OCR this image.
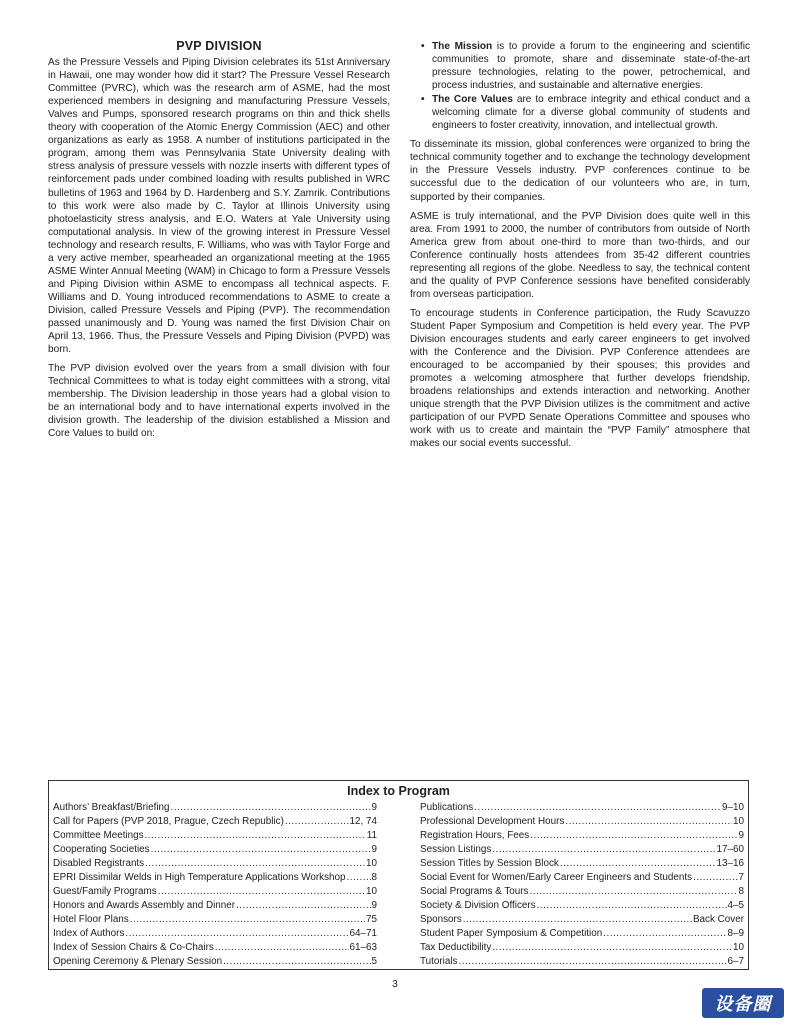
PVP DIVISION

As the Pressure Vessels and Piping Division celebrates its 51st Anniversary in Hawaii, one may wonder how did it start? The Pressure Vessel Research Committee (PVRC), which was the research arm of ASME, had the most experienced members in designing and manufacturing Pressure Vessels, Valves and Pumps, sponsored research programs on thin and thick shells theory with cooperation of the Atomic Energy Commission (AEC) and other organizations as early as 1958. A number of institutions participated in the program, among them was Pennsylvania State University dealing with stress analysis of pressure vessels with nozzle inserts with different types of reinforcement pads under combined loading with results published in WRC bulletins of 1963 and 1964 by D. Hardenberg and S.Y. Zamrik. Contributions to this work were also made by C. Taylor at Illinois University using photoelasticity stress analysis, and E.O. Waters at Yale University using computational analysis. In view of the growing interest in Pressure Vessel technology and research results, F. Williams, who was with Taylor Forge and a very active member, spearheaded an organizational meeting at the 1965 ASME Winter Annual Meeting (WAM) in Chicago to form a Pressure Vessels and Piping Division within ASME to encompass all technical aspects. F. Williams and D. Young introduced recommendations to ASME to create a Division, called Pressure Vessels and Piping (PVP). The recommendation passed unanimously and D. Young was named the first Division Chair on April 13, 1966. Thus, the Pressure Vessels and Piping Division (PVPD) was born.

The PVP division evolved over the years from a small division with four Technical Committees to what is today eight committees with a strong, vital membership. The Division leadership in those years had a global vision to be an international body and to have international experts involved in the division growth. The leadership of the division established a Mission and Core Values to build on:

• The Mission is to provide a forum to the engineering and scientific communities to promote, share and disseminate state-of-the-art pressure technologies, relating to the power, petrochemical, and process industries, and sustainable and alternative energies.
• The Core Values are to embrace integrity and ethical conduct and a welcoming climate for a diverse global community of students and engineers to foster creativity, innovation, and intellectual growth.

To disseminate its mission, global conferences were organized to bring the technical community together and to exchange the technology development in the Pressure Vessels industry. PVP conferences continue to be successful due to the dedication of our volunteers who are, in turn, supported by their companies.

ASME is truly international, and the PVP Division does quite well in this area. From 1991 to 2000, the number of contributors from outside of North America grew from about one-third to more than two-thirds, and our Conference continually hosts attendees from 35-42 different countries representing all regions of the globe. Needless to say, the technical content and the quality of PVP Conference sessions have benefited considerably from overseas participation.

To encourage students in Conference participation, the Rudy Scavuzzo Student Paper Symposium and Competition is held every year. The PVP Division encourages students and early career engineers to get involved with the Conference and the Division. PVP Conference attendees are encouraged to be accompanied by their spouses; this provides and promotes a welcoming atmosphere that further develops friendship, broadens relationships and extends interaction and networking. Another unique strength that the PVP Division utilizes is the commitment and active participation of our PVPD Senate Operations Committee and spouses who work with us to create and maintain the “PVP Family” atmosphere that makes our social events successful.

Index to Program
Authors’ Breakfast/Briefing .....	9
Call for Papers (PVP 2018, Prague, Czech Republic) .....	12, 74
Committee Meetings .....	11
Cooperating Societies .....	9
Disabled Registrants .....	10
EPRI Dissimilar Welds in High Temperature Applications Workshop .....	8
Guest/Family Programs .....	10
Honors and Awards Assembly and Dinner .....	9
Hotel Floor Plans .....	75
Index of Authors .....	64–71
Index of Session Chairs & Co-Chairs .....	61–63
Opening Ceremony & Plenary Session .....	5
Publications .....	9–10
Professional Development Hours .....	10
Registration Hours, Fees .....	9
Session Listings .....	17–60
Session Titles by Session Block .....	13–16
Social Event for Women/Early Career Engineers and Students .....	7
Social Programs & Tours .....	8
Society & Division Officers .....	4–5
Sponsors .....	Back Cover
Student Paper Symposium & Competition .....	8–9
Tax Deductibility .....	10
Tutorials .....	6–7
3
设备圈
